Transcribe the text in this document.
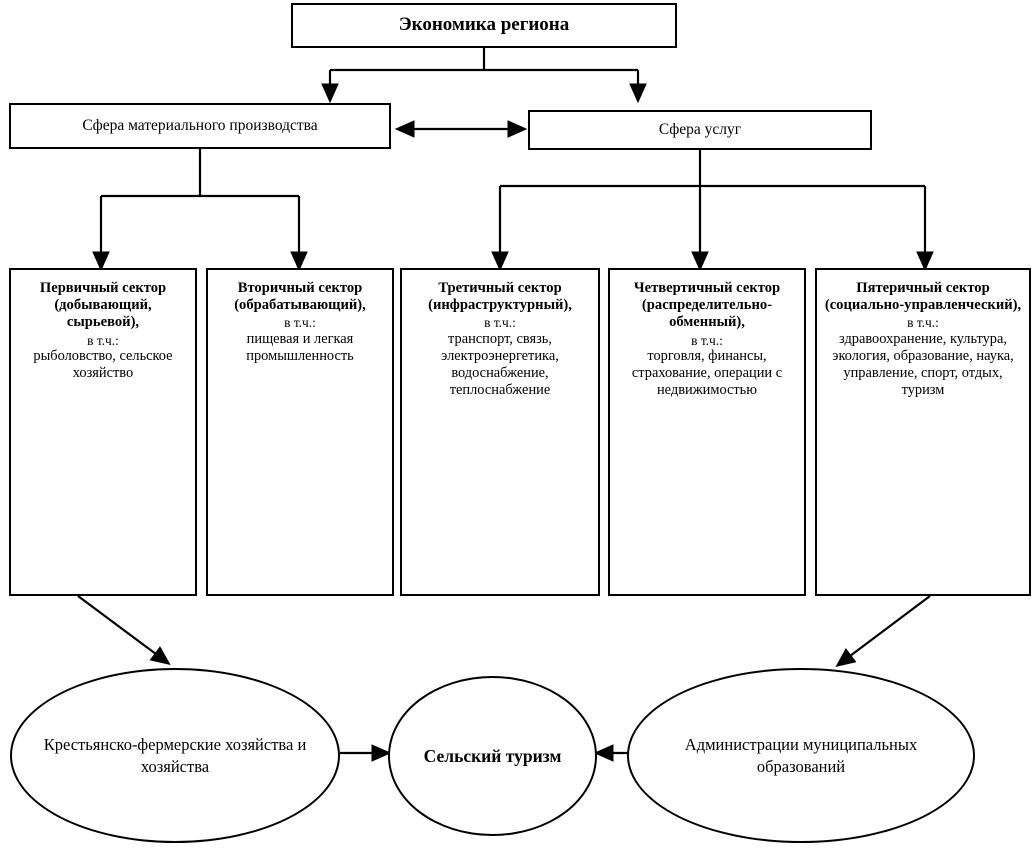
Экономика региона
Сфера материального производства	Сфера услуг
Первичный сектор (добывающий, сырьевой),
в т.ч.:
рыболовство, сельское хозяйство
Вторичный сектор (обрабатывающий),
в т.ч.:
пищевая и легкая промышленность
Третичный сектор (инфраструктурный),
в т.ч.:
транспорт, связь, электроэнергетика, водоснабжение, теплоснабжение
Четвертичный сектор (распределительно-обменный),
в т.ч.:
торговля, финансы, страхование, операции с недвижимостью
Пятеричный сектор (социально-управленческий),
в т.ч.:
здравоохранение, культура, экология, образование, наука, управление, спорт, отдых, туризм
Крестьянско-фермерские хозяйства и хозяйства
Сельский туризм
Администрации муниципальных образований
